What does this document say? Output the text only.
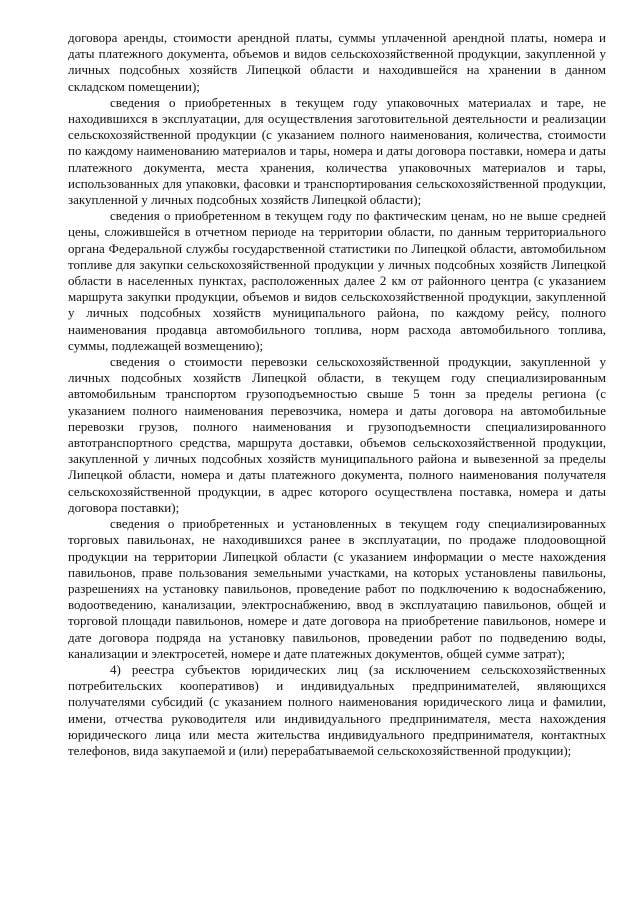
договора аренды, стоимости арендной платы, суммы уплаченной арендной платы, номера и даты платежного документа, объемов и видов сельскохозяйственной продукции, закупленной у личных подсобных хозяйств Липецкой области и находившейся на хранении в данном складском помещении);

сведения о приобретенных в текущем году упаковочных материалах и таре, не находившихся в эксплуатации, для осуществления заготовительной деятельности и реализации сельскохозяйственной продукции (с указанием полного наименования, количества, стоимости по каждому наименованию материалов и тары, номера и даты договора поставки, номера и даты платежного документа, места хранения, количества упаковочных материалов и тары, использованных для упаковки, фасовки и транспортирования сельскохозяйственной продукции, закупленной у личных подсобных хозяйств Липецкой области);

сведения о приобретенном в текущем году по фактическим ценам, но не выше средней цены, сложившейся в отчетном периоде на территории области, по данным территориального органа Федеральной службы государственной статистики по Липецкой области, автомобильном топливе для закупки сельскохозяйственной продукции у личных подсобных хозяйств Липецкой области в населенных пунктах, расположенных далее 2 км от районного центра (с указанием маршрута закупки продукции, объемов и видов сельскохозяйственной продукции, закупленной у личных подсобных хозяйств муниципального района, по каждому рейсу, полного наименования продавца автомобильного топлива, норм расхода автомобильного топлива, суммы, подлежащей возмещению);

сведения о стоимости перевозки сельскохозяйственной продукции, закупленной у личных подсобных хозяйств Липецкой области, в текущем году специализированным автомобильным транспортом грузоподъемностью свыше 5 тонн за пределы региона (с указанием полного наименования перевозчика, номера и даты договора на автомобильные перевозки грузов, полного наименования и грузоподъемности специализированного автотранспортного средства, маршрута доставки, объемов сельскохозяйственной продукции, закупленной у личных подсобных хозяйств муниципального района и вывезенной за пределы Липецкой области, номера и даты платежного документа, полного наименования получателя сельскохозяйственной продукции, в адрес которого осуществлена поставка, номера и даты договора поставки);

сведения о приобретенных и установленных в текущем году специализированных торговых павильонах, не находившихся ранее в эксплуатации, по продаже плодоовощной продукции на территории Липецкой области (с указанием информации о месте нахождения павильонов, праве пользования земельными участками, на которых установлены павильоны, разрешениях на установку павильонов, проведение работ по подключению к водоснабжению, водоотведению, канализации, электроснабжению, ввод в эксплуатацию павильонов, общей и торговой площади павильонов, номере и дате договора на приобретение павильонов, номере и дате договора подряда на установку павильонов, проведении работ по подведению воды, канализации и электросетей, номере и дате платежных документов, общей сумме затрат);

4) реестра субъектов юридических лиц (за исключением сельскохозяйственных потребительских кооперативов) и индивидуальных предпринимателей, являющихся получателями субсидий (с указанием полного наименования юридического лица и фамилии, имени, отчества руководителя или индивидуального предпринимателя, места нахождения юридического лица или места жительства индивидуального предпринимателя, контактных телефонов, вида закупаемой и (или) перерабатываемой сельскохозяйственной продукции);
